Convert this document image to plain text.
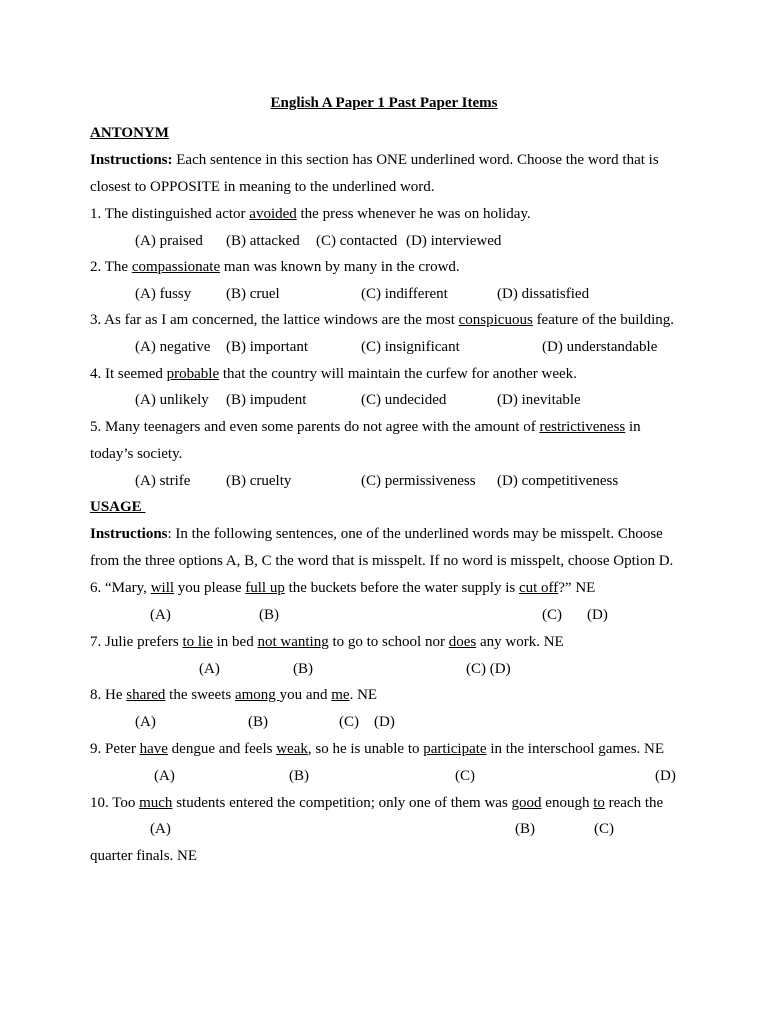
English A Paper 1 Past Paper Items
ANTONYM
Instructions: Each sentence in this section has ONE underlined word. Choose the word that is
closest to OPPOSITE in meaning to the underlined word.
1. The distinguished actor avoided the press whenever he was on holiday.
(A) praised (B) attacked (C) contacted (D) interviewed
2. The compassionate man was known by many in the crowd.
(A) fussy (B) cruel	(C) indifferent	(D) dissatisfied
3. As far as I am concerned, the lattice windows are the most conspicuous feature of the building.
(A) negative (B) important	(C) insignificant	(D) understandable
4. It seemed probable that the country will maintain the curfew for another week.
(A) unlikely (B) impudent	(C) undecided	(D) inevitable
5. Many teenagers and even some parents do not agree with the amount of restrictiveness in
today’s society.
(A) strife (B) cruelty	(C) permissiveness (D) competitiveness
USAGE
Instructions: In the following sentences, one of the underlined words may be misspelt. Choose
from the three options A, B, C the word that is misspelt. If no word is misspelt, choose Option D.
6. “Mary, will you please full up the buckets before the water supply is cut off?” NE
(A)	(B)	(C) (D)
7. Julie prefers to lie in bed not wanting to go to school nor does any work. NE
(A)	(B)	(C) (D)
8. He shared the sweets among you and me. NE
(A)	(B)	(C) (D)
9. Peter have dengue and feels weak, so he is unable to participate in the interschool games. NE
(A)	(B)	(C)	(D)
10. Too much students entered the competition; only one of them was good enough to reach the
(A)	(B)	(C)
quarter finals. NE
